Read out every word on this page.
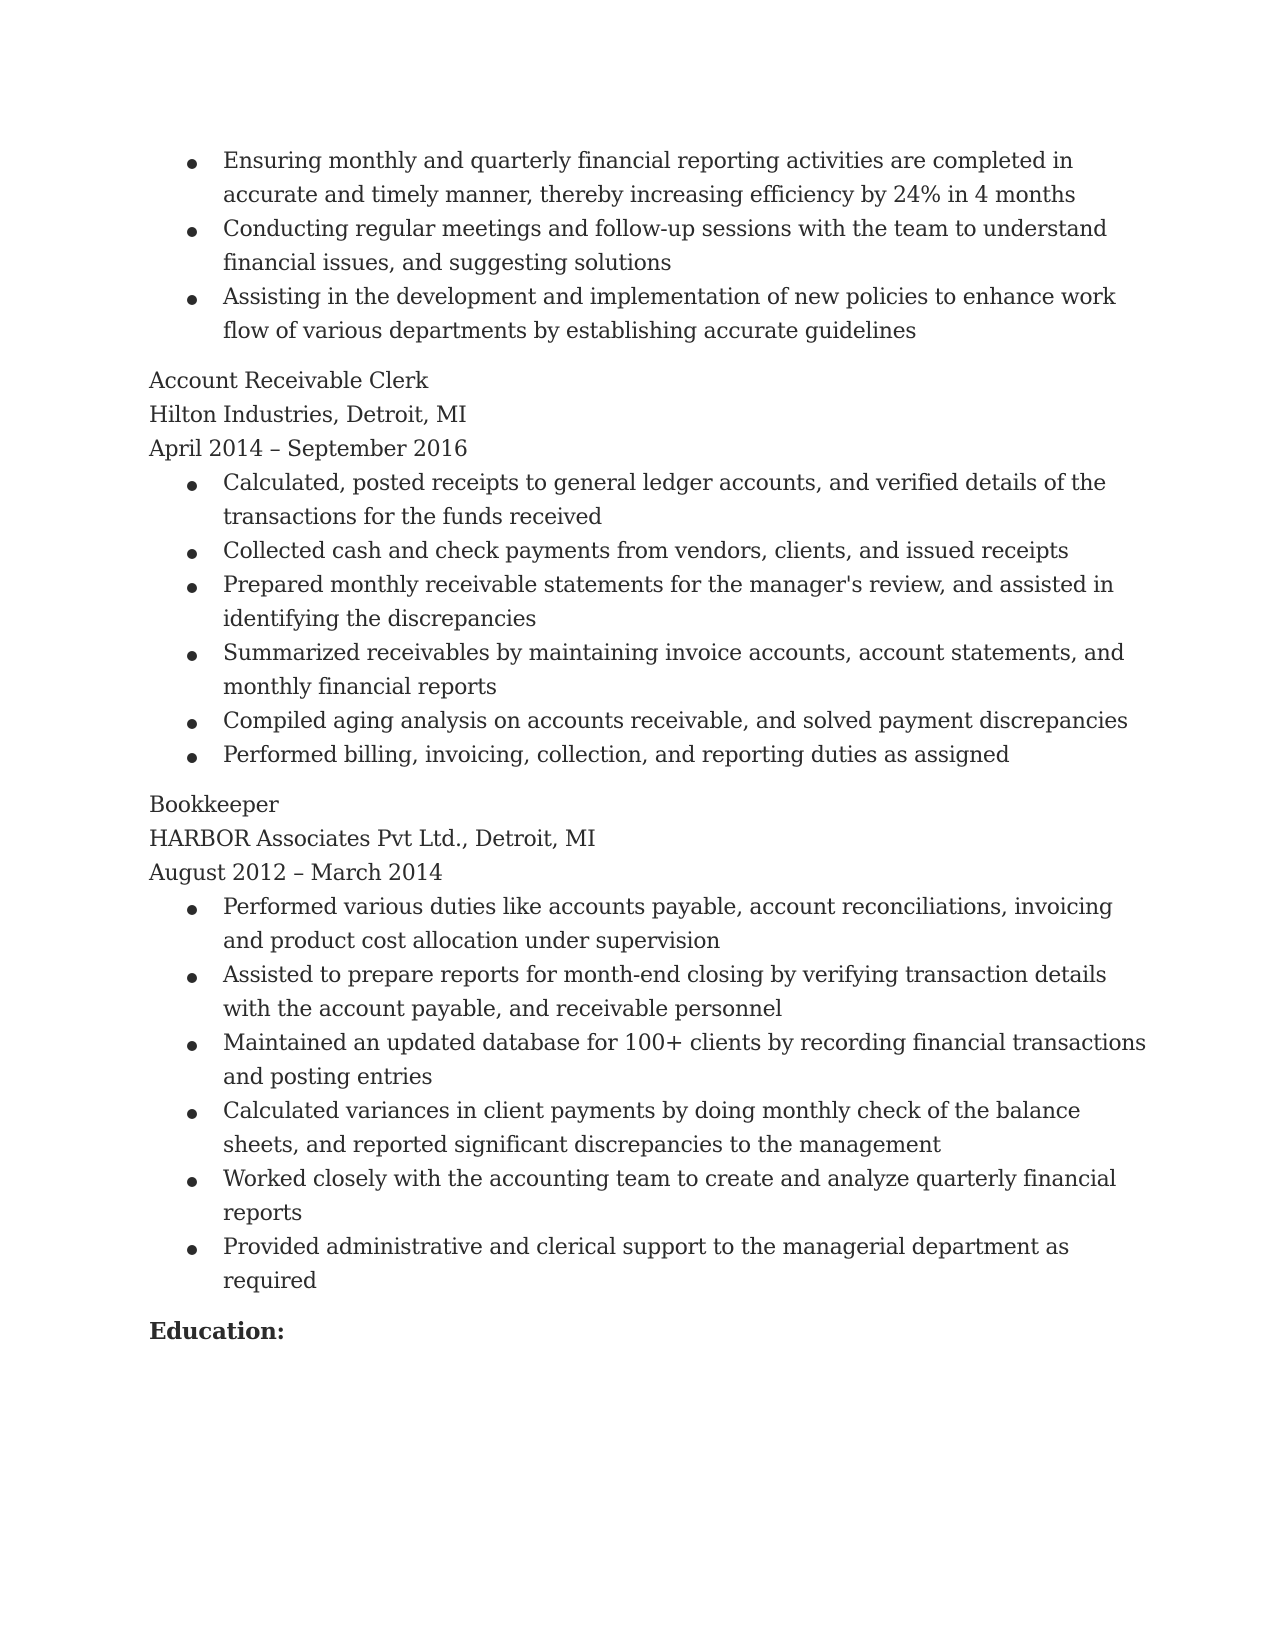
Ensuring monthly and quarterly financial reporting activities are completed in accurate and timely manner, thereby increasing efficiency by 24% in 4 months
Conducting regular meetings and follow-up sessions with the team to understand financial issues, and suggesting solutions
Assisting in the development and implementation of new policies to enhance work flow of various departments by establishing accurate guidelines
Account Receivable Clerk
Hilton Industries, Detroit, MI
April 2014 – September 2016
Calculated, posted receipts to general ledger accounts, and verified details of the transactions for the funds received
Collected cash and check payments from vendors, clients, and issued receipts
Prepared monthly receivable statements for the manager's review, and assisted in identifying the discrepancies
Summarized receivables by maintaining invoice accounts, account statements, and monthly financial reports
Compiled aging analysis on accounts receivable, and solved payment discrepancies
Performed billing, invoicing, collection, and reporting duties as assigned
Bookkeeper
HARBOR Associates Pvt Ltd., Detroit, MI
August 2012 – March 2014
Performed various duties like accounts payable, account reconciliations, invoicing and product cost allocation under supervision
Assisted to prepare reports for month-end closing by verifying transaction details with the account payable, and receivable personnel
Maintained an updated database for 100+ clients by recording financial transactions and posting entries
Calculated variances in client payments by doing monthly check of the balance sheets, and reported significant discrepancies to the management
Worked closely with the accounting team to create and analyze quarterly financial reports
Provided administrative and clerical support to the managerial department as required
Education:
